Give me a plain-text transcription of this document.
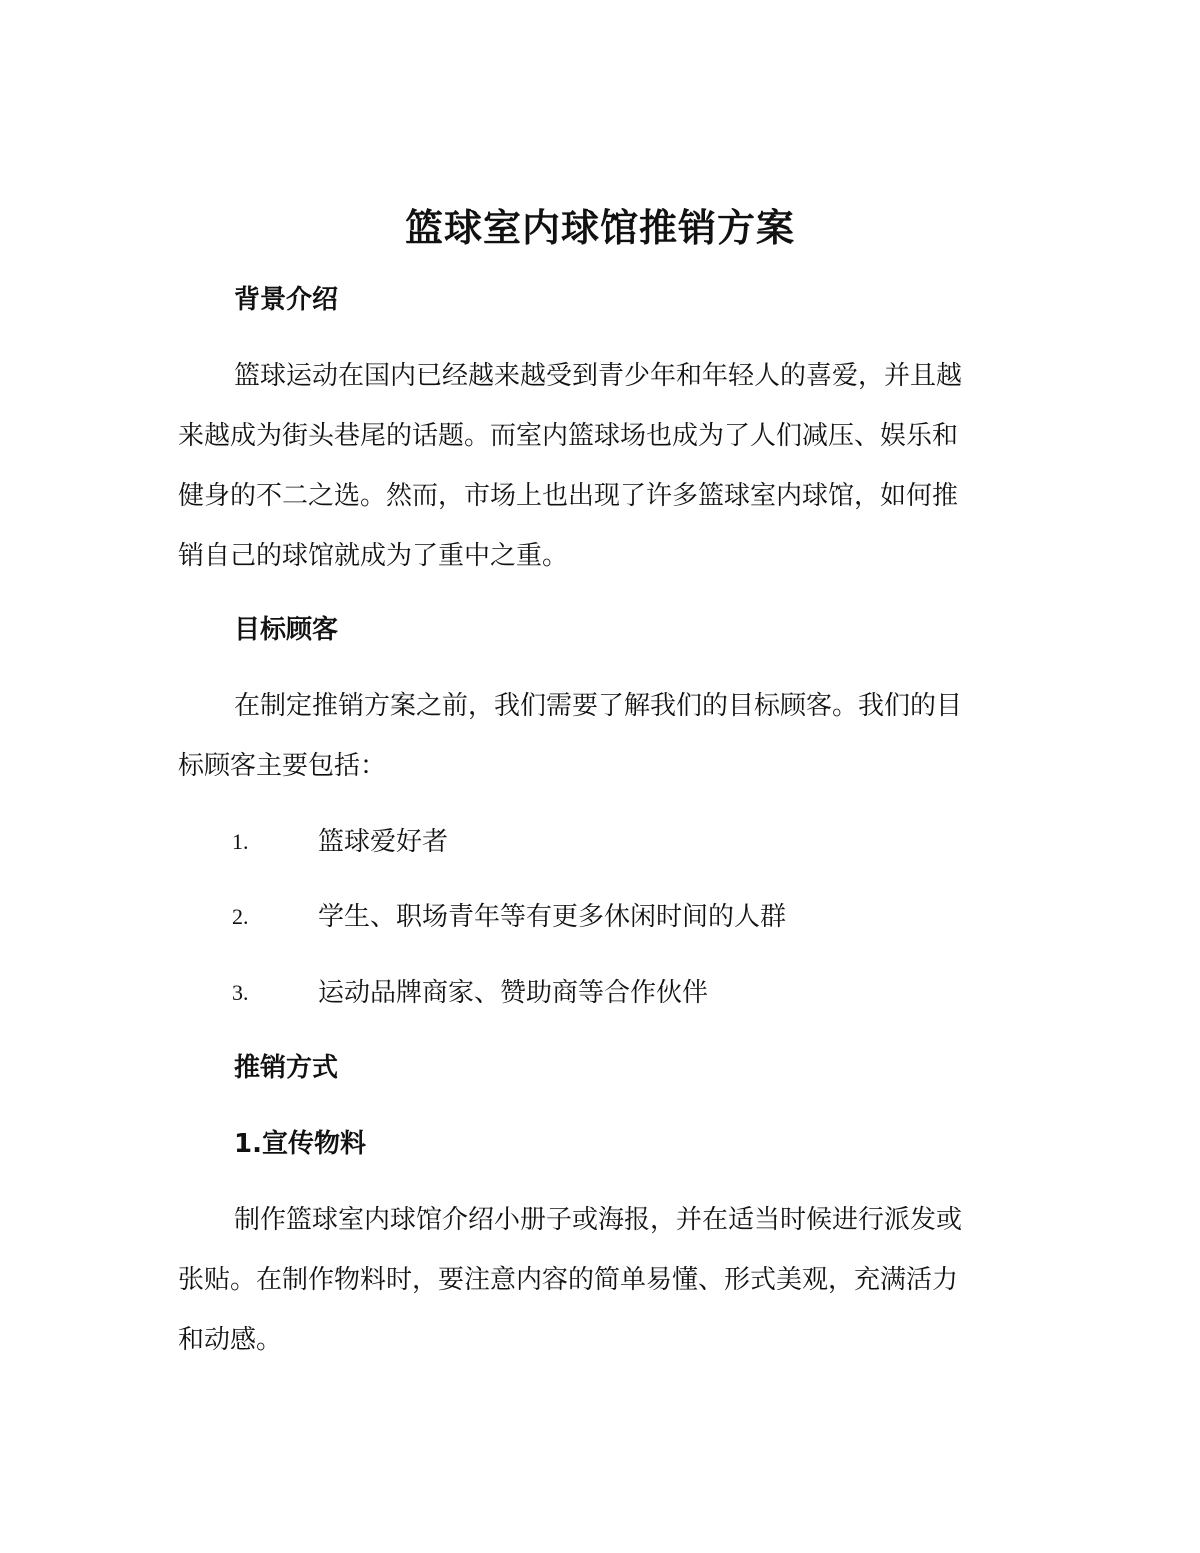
篮球室内球馆推销方案
背景介绍
篮球运动在国内已经越来越受到青少年和年轻人的喜爱，并且越
来越成为街头巷尾的话题。而室内篮球场也成为了人们减压、娱乐和
健身的不二之选。然而，市场上也出现了许多篮球室内球馆，如何推
销自己的球馆就成为了重中之重。
目标顾客
在制定推销方案之前，我们需要了解我们的目标顾客。我们的目
标顾客主要包括：
1.	篮球爱好者
2.	学生、职场青年等有更多休闲时间的人群
3.	运动品牌商家、赞助商等合作伙伴
推销方式
1.宣传物料
制作篮球室内球馆介绍小册子或海报，并在适当时候进行派发或
张贴。在制作物料时，要注意内容的简单易懂、形式美观，充满活力
和动感。
